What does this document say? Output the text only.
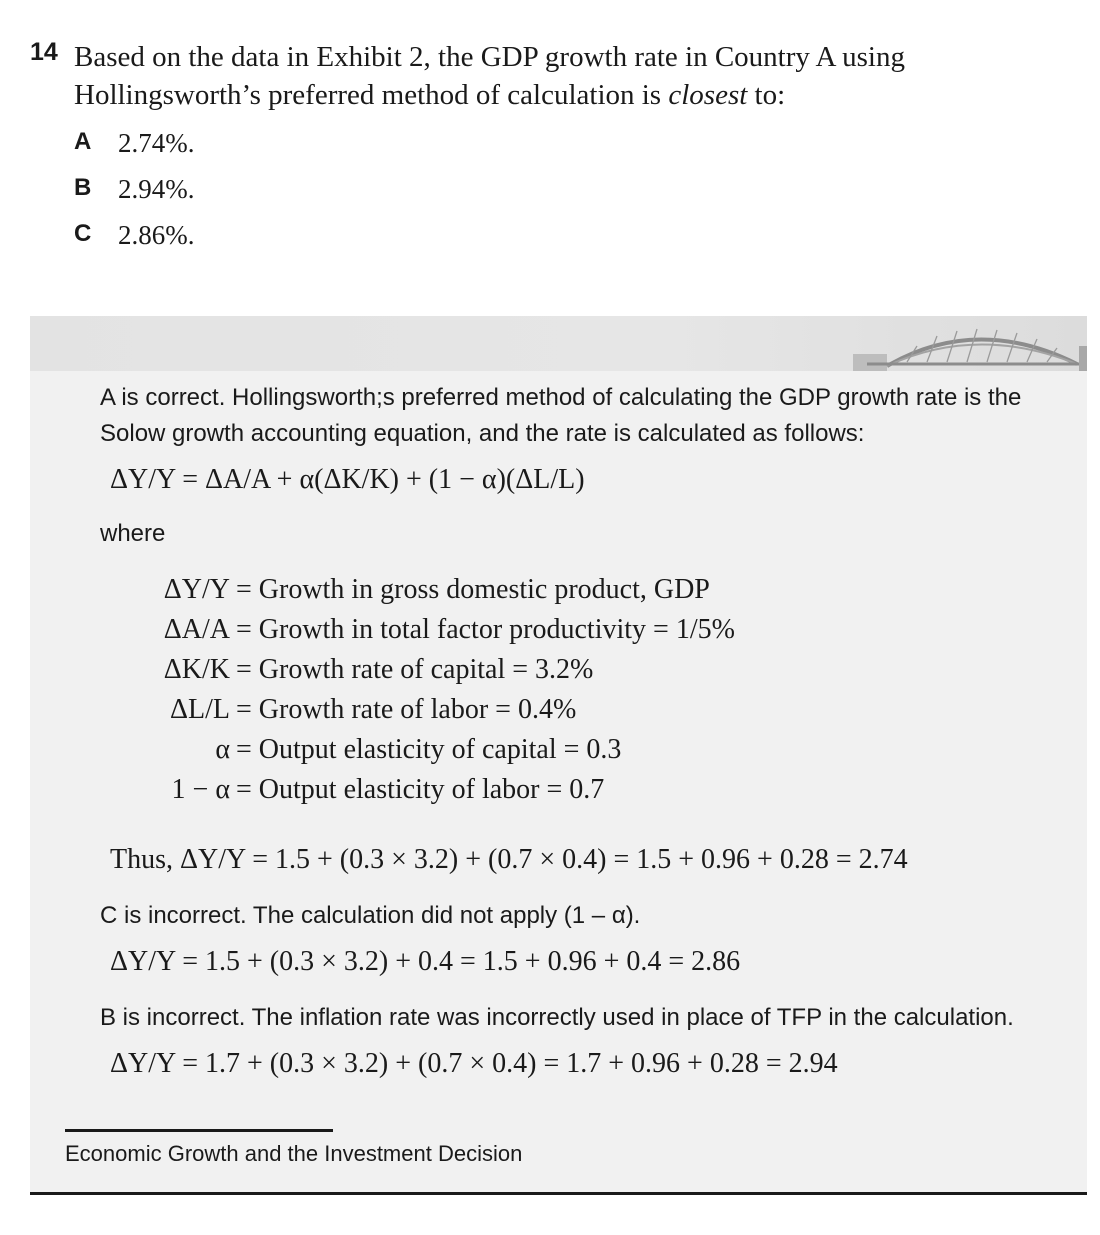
14 Based on the data in Exhibit 2, the GDP growth rate in Country A using Hollingsworth’s preferred method of calculation is closest to:
A 2.74%.
B 2.94%.
C 2.86%.
A is correct. Hollingsworth;s preferred method of calculating the GDP growth rate is the Solow growth accounting equation, and the rate is calculated as follows:
ΔY/Y = ΔA/A + α(ΔK/K) + (1 − α)(ΔL/L)
where
ΔY/Y = Growth in gross domestic product, GDP
ΔA/A = Growth in total factor productivity = 1/5%
ΔK/K = Growth rate of capital = 3.2%
ΔL/L = Growth rate of labor = 0.4%
α = Output elasticity of capital = 0.3
1 − α = Output elasticity of labor = 0.7
Thus, ΔY/Y = 1.5 + (0.3 × 3.2) + (0.7 × 0.4) = 1.5 + 0.96 + 0.28 = 2.74
C is incorrect. The calculation did not apply (1 – α).
ΔY/Y = 1.5 + (0.3 × 3.2) + 0.4 = 1.5 + 0.96 + 0.4 = 2.86
B is incorrect. The inflation rate was incorrectly used in place of TFP in the calculation.
ΔY/Y = 1.7 + (0.3 × 3.2) + (0.7 × 0.4) = 1.7 + 0.96 + 0.28 = 2.94
Economic Growth and the Investment Decision
